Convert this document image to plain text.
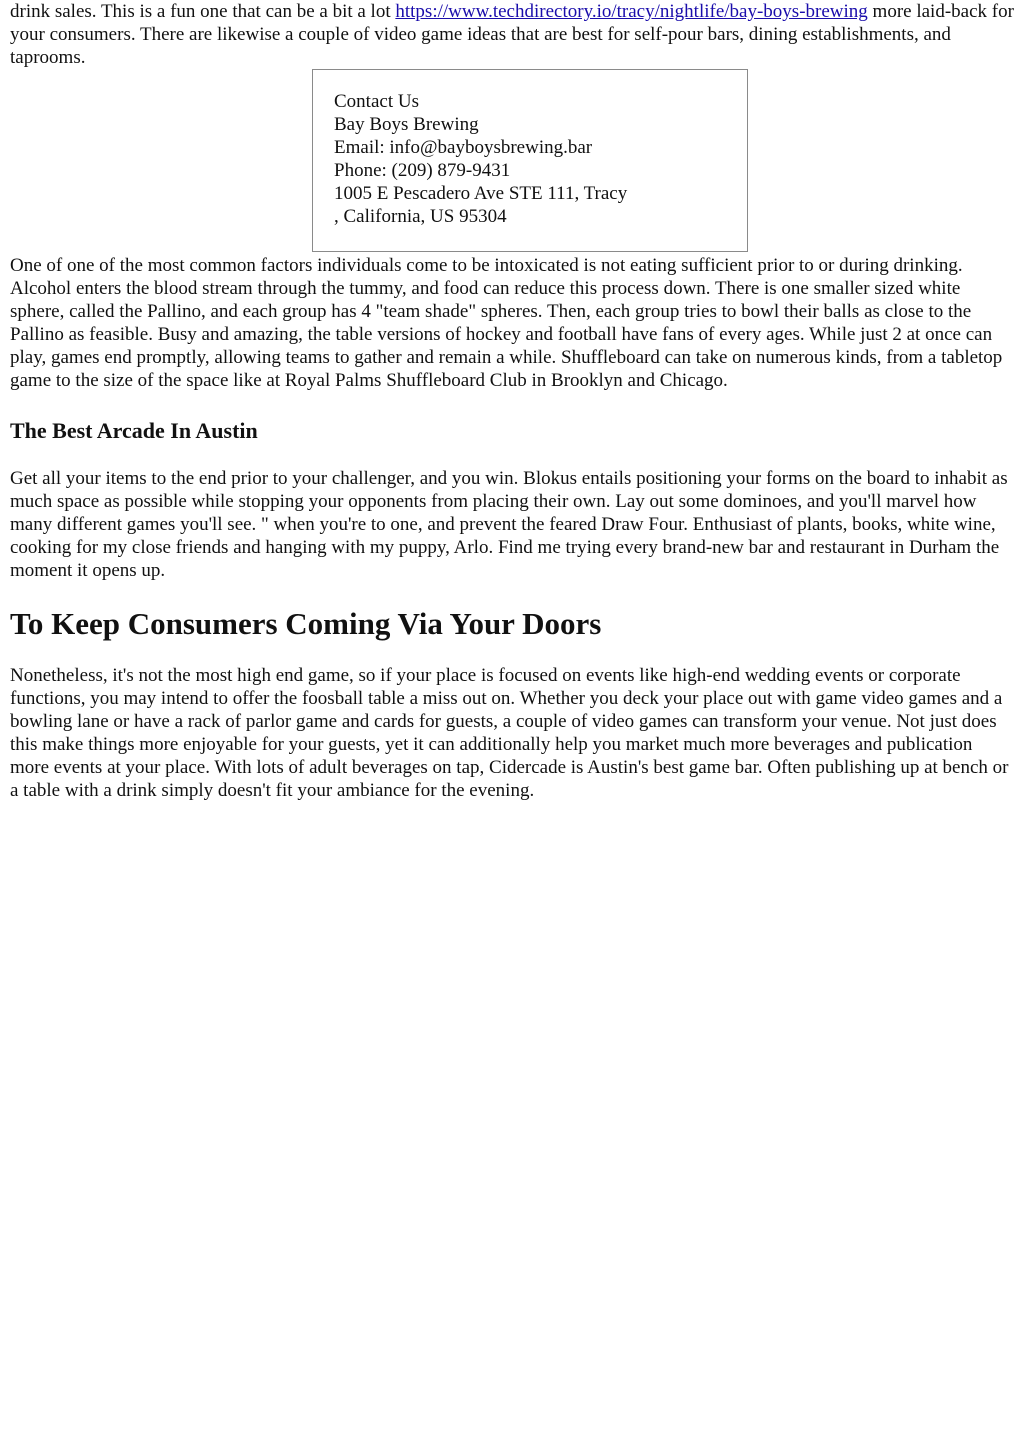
drink sales. This is a fun one that can be a bit a lot https://www.techdirectory.io/tracy/nightlife/bay-boys-brewing more laid-back for your consumers. There are likewise a couple of video game ideas that are best for self-pour bars, dining establishments, and taprooms.

Contact Us
Bay Boys Brewing
Email: info@bayboysbrewing.bar
Phone: (209) 879-9431
1005 E Pescadero Ave STE 111, Tracy
, California, US 95304

One of one of the most common factors individuals come to be intoxicated is not eating sufficient prior to or during drinking. Alcohol enters the blood stream through the tummy, and food can reduce this process down. There is one smaller sized white sphere, called the Pallino, and each group has 4 "team shade" spheres. Then, each group tries to bowl their balls as close to the Pallino as feasible. Busy and amazing, the table versions of hockey and football have fans of every ages. While just 2 at once can play, games end promptly, allowing teams to gather and remain a while. Shuffleboard can take on numerous kinds, from a tabletop game to the size of the space like at Royal Palms Shuffleboard Club in Brooklyn and Chicago.

The Best Arcade In Austin

Get all your items to the end prior to your challenger, and you win. Blokus entails positioning your forms on the board to inhabit as much space as possible while stopping your opponents from placing their own. Lay out some dominoes, and you'll marvel how many different games you'll see. " when you're to one, and prevent the feared Draw Four. Enthusiast of plants, books, white wine, cooking for my close friends and hanging with my puppy, Arlo. Find me trying every brand-new bar and restaurant in Durham the moment it opens up.

To Keep Consumers Coming Via Your Doors

Nonetheless, it's not the most high end game, so if your place is focused on events like high-end wedding events or corporate functions, you may intend to offer the foosball table a miss out on. Whether you deck your place out with game video games and a bowling lane or have a rack of parlor game and cards for guests, a couple of video games can transform your venue. Not just does this make things more enjoyable for your guests, yet it can additionally help you market much more beverages and publication more events at your place. With lots of adult beverages on tap, Cidercade is Austin's best game bar. Often publishing up at bench or a table with a drink simply doesn't fit your ambiance for the evening.
